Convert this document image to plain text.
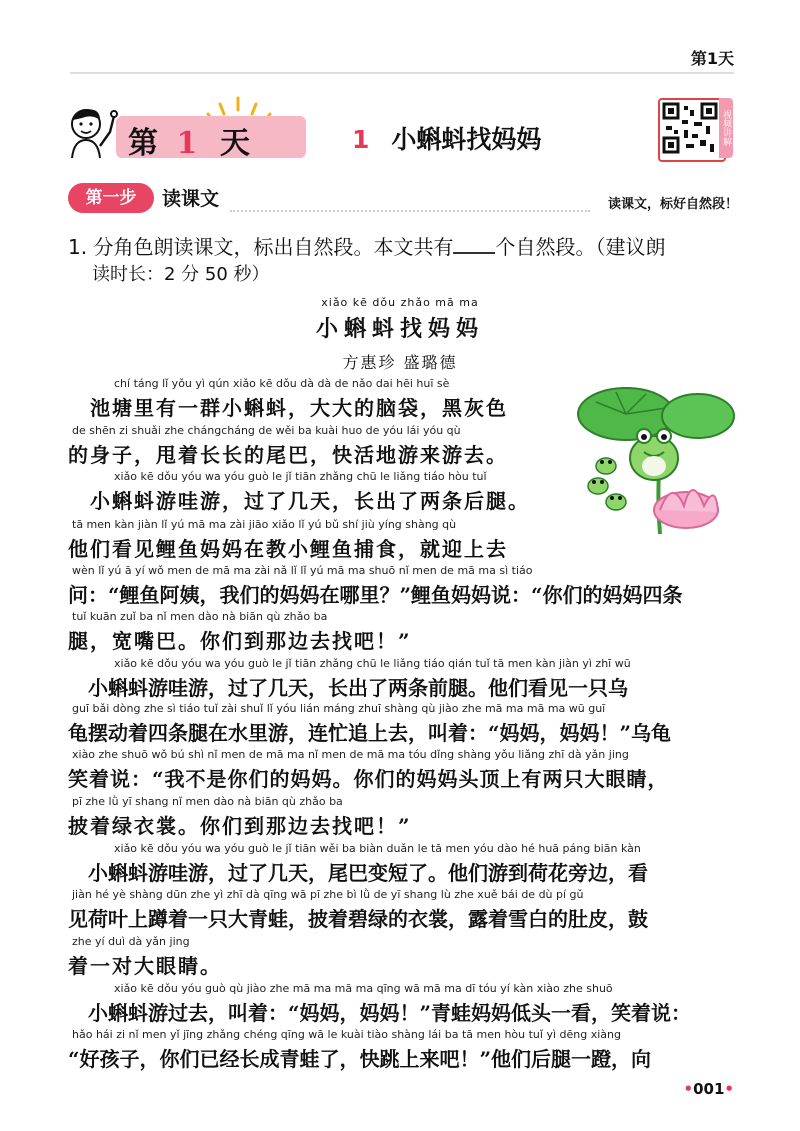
第1天
第 1 天	1 小蝌蚪找妈妈	视频讲解
第一步	读课文	读课文，标好自然段！
1. 分角色朗读课文，标出自然段。本文共有 个自然段。（建议朗
读时长：2 分 50 秒）
xiǎo kē dǒu zhǎo mā ma
小蝌蚪找妈妈
方惠珍 盛璐德
chí táng lǐ yǒu yì qún xiǎo kē dǒu dà dà de nǎo dai hēi huī sè
　池塘里有一群小蝌蚪，大大的脑袋，黑灰色
de shēn zi shuǎi zhe chángcháng de wěi ba kuài huo de yóu lái yóu qù
的身子，甩着长长的尾巴，快活地游来游去。
xiǎo kē dǒu yóu wa yóu guò le jǐ tiān zhǎng chū le liǎng tiáo hòu tuǐ
　小蝌蚪游哇游，过了几天，长出了两条后腿。
tā men kàn jiàn lǐ yú mā ma zài jiāo xiǎo lǐ yú bǔ shí jiù yíng shàng qù
他们看见鲤鱼妈妈在教小鲤鱼捕食，就迎上去
wèn lǐ yú ā yí wǒ men de mā ma zài nǎ lǐ lǐ yú mā ma shuō nǐ men de mā ma sì tiáo
问：“鲤鱼阿姨，我们的妈妈在哪里？”鲤鱼妈妈说：“你们的妈妈四条
tuǐ kuān zuǐ ba nǐ men dào nà biān qù zhǎo ba
腿，宽嘴巴。你们到那边去找吧！”
xiǎo kē dǒu yóu wa yóu guò le jǐ tiān zhǎng chū le liǎng tiáo qián tuǐ tā men kàn jiàn yì zhī wū
　小蝌蚪游哇游，过了几天，长出了两条前腿。他们看见一只乌
guī bǎi dòng zhe sì tiáo tuǐ zài shuǐ lǐ yóu lián máng zhuī shàng qù jiào zhe mā ma mā ma wū guī
龟摆动着四条腿在水里游，连忙追上去，叫着：“妈妈，妈妈！”乌龟
xiào zhe shuō wǒ bú shì nǐ men de mā ma nǐ men de mā ma tóu dǐng shàng yǒu liǎng zhī dà yǎn jing
笑着说：“我不是你们的妈妈。你们的妈妈头顶上有两只大眼睛，
pī zhe lǜ yī shang nǐ men dào nà biān qù zhǎo ba
披着绿衣裳。你们到那边去找吧！”
xiǎo kē dǒu yóu wa yóu guò le jǐ tiān wěi ba biàn duǎn le tā men yóu dào hé huā páng biān kàn
　小蝌蚪游哇游，过了几天，尾巴变短了。他们游到荷花旁边，看
jiàn hé yè shàng dūn zhe yì zhī dà qīng wā pī zhe bì lǜ de yī shang lù zhe xuě bái de dù pí gǔ
见荷叶上蹲着一只大青蛙，披着碧绿的衣裳，露着雪白的肚皮，鼓
zhe yí duì dà yǎn jing
着一对大眼睛。
xiǎo kē dǒu yóu guò qù jiào zhe mā ma mā ma qīng wā mā ma dī tóu yí kàn xiào zhe shuō
　小蝌蚪游过去，叫着：“妈妈，妈妈！”青蛙妈妈低头一看，笑着说：
hǎo hái zi nǐ men yǐ jīng zhǎng chéng qīng wā le kuài tiào shàng lái ba tā men hòu tuǐ yì dēng xiàng
“好孩子，你们已经长成青蛙了，快跳上来吧！”他们后腿一蹬，向
•001•
